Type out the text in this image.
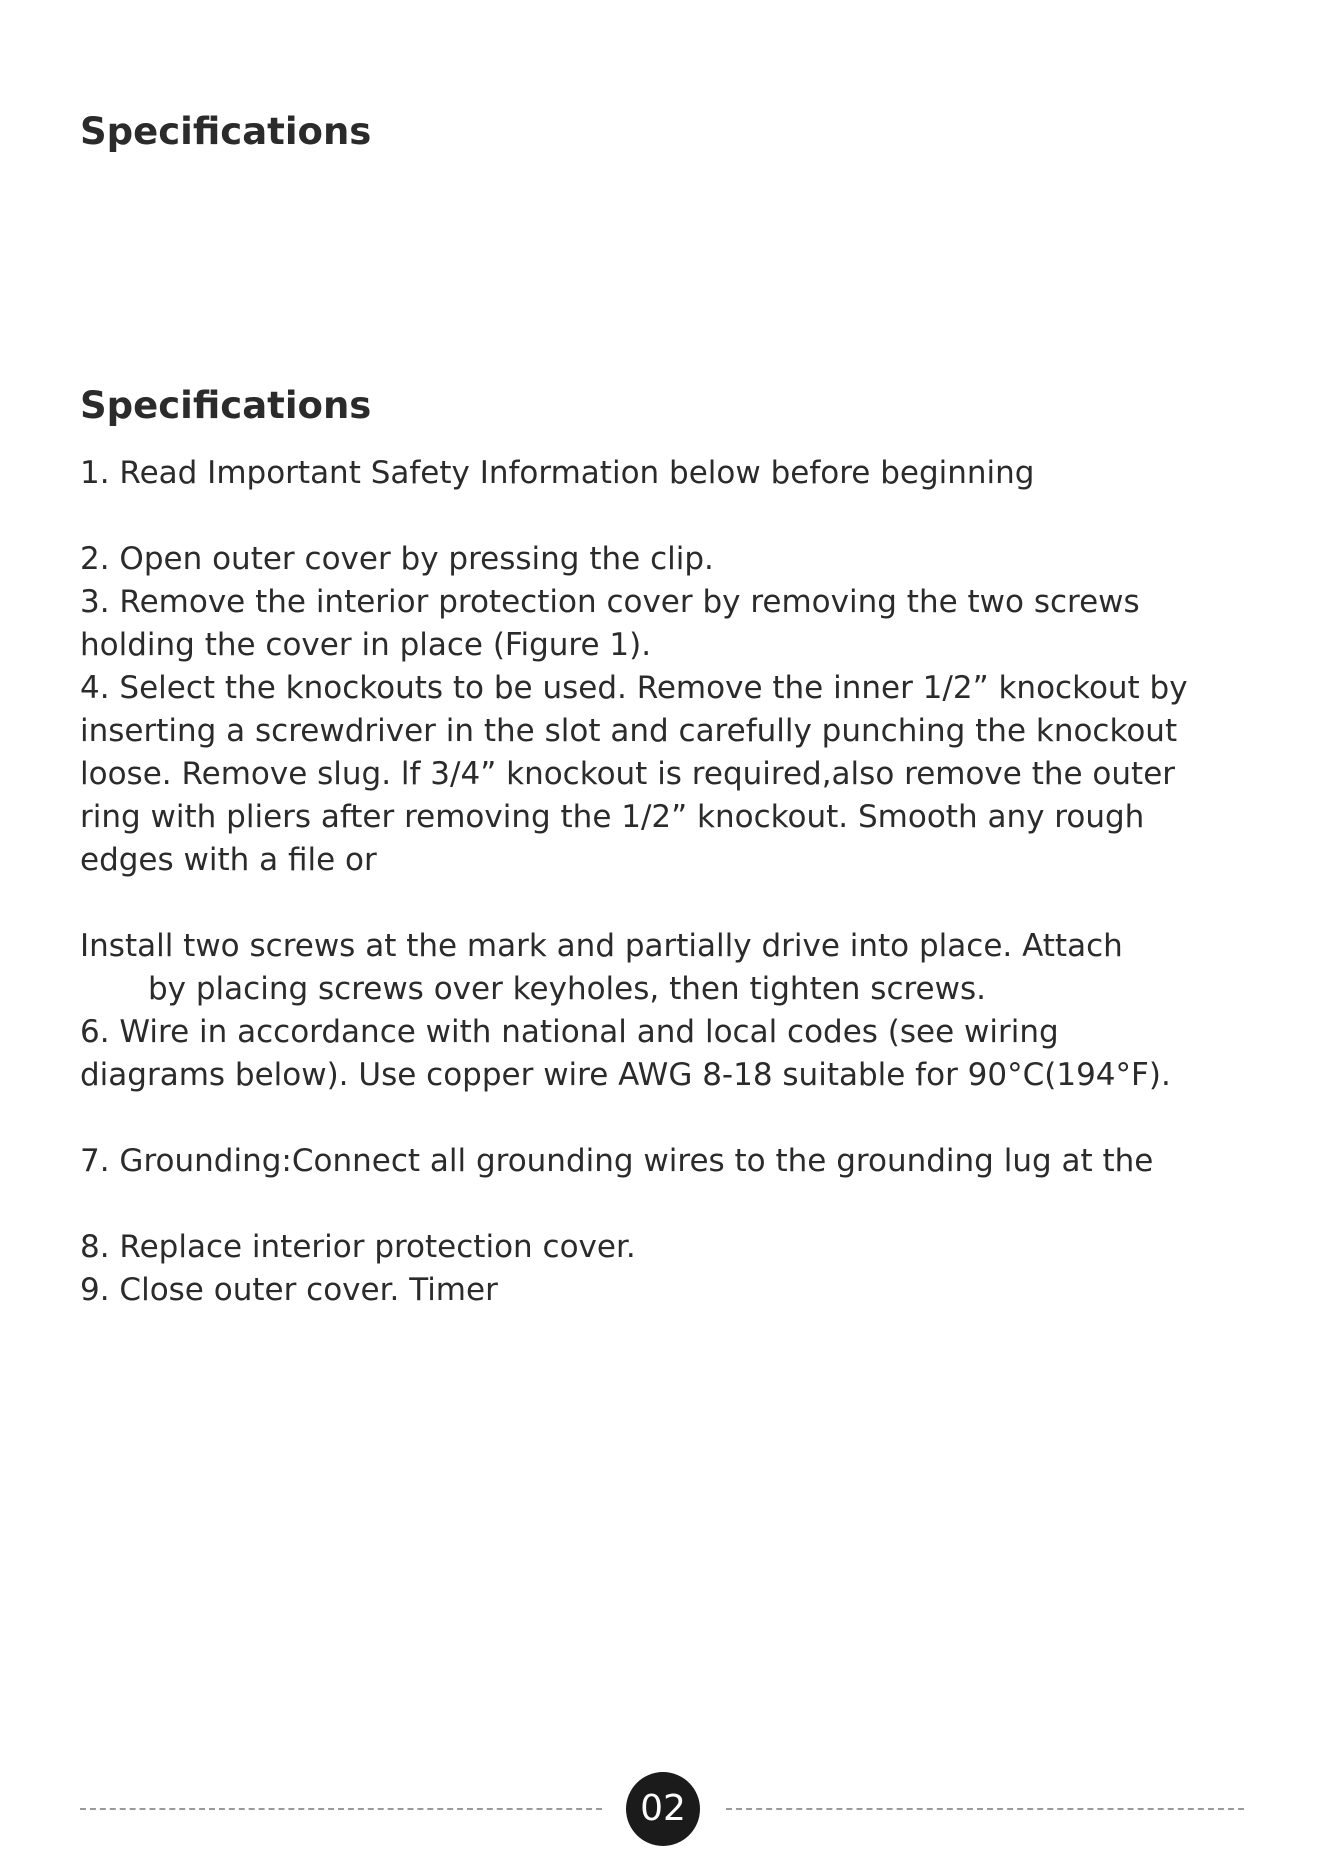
Specifications
Specifications
1. Read Important Safety Information below before beginning
2. Open outer cover by pressing the clip.
3. Remove the interior protection cover by removing the two screws
holding the cover in place (Figure 1).
4. Select the knockouts to be used. Remove the inner 1/2” knockout by
inserting a screwdriver in the slot and carefully punching the knockout
loose. Remove slug. lf 3/4” knockout is required,also remove the outer
ring with pliers after removing the 1/2” knockout. Smooth any rough
edges with a file or
Install two screws at the mark and partially drive into place. Attach
by placing screws over keyholes, then tighten screws.
6. Wire in accordance with national and local codes (see wiring
diagrams below). Use copper wire AWG 8-18 suitable for 90°C(194°F).
7. Grounding:Connect all grounding wires to the grounding lug at the
8. Replace interior protection cover.
9. Close outer cover. Timer
02
